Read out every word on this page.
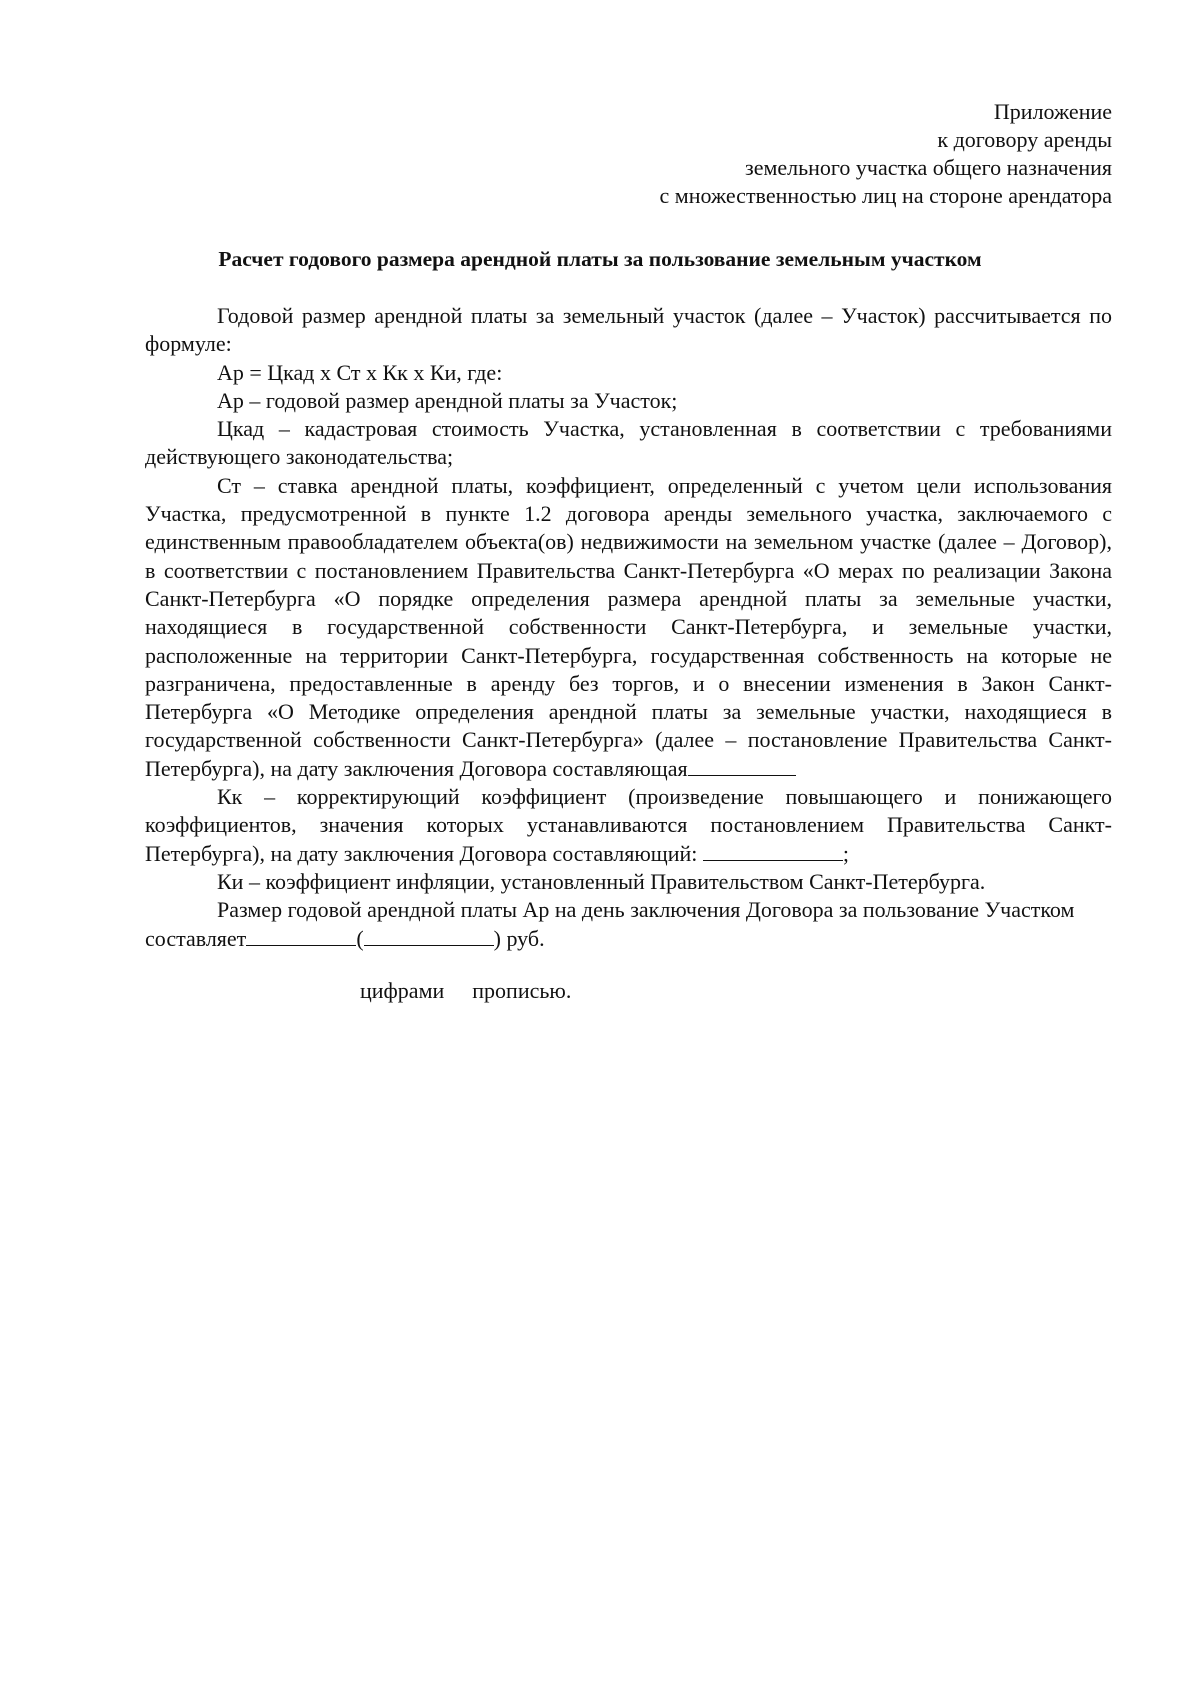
Приложение
к договору аренды
земельного участка общего назначения
с множественностью лиц на стороне арендатора
Расчет годового размера арендной платы за пользование земельным участком

Годовой размер арендной платы за земельный участок (далее – Участок) рассчитывается по формуле:

Ар = Цкад х Ст х Кк х Ки, где:

Ар – годовой размер арендной платы за Участок;

Цкад – кадастровая стоимость Участка, установленная в соответствии с требованиями действующего законодательства;

Ст – ставка арендной платы, коэффициент, определенный с учетом цели использования Участка, предусмотренной в пункте 1.2 договора аренды земельного участка, заключаемого с единственным правообладателем объекта(ов) недвижимости на земельном участке (далее – Договор), в соответствии с постановлением Правительства Санкт-Петербурга «О мерах по реализации Закона Санкт-Петербурга «О порядке определения размера арендной платы за земельные участки, находящиеся в государственной собственности Санкт-Петербурга, и земельные участки, расположенные на территории Санкт-Петербурга, государственная собственность на которые не разграничена, предоставленные в аренду без торгов, и о внесении изменения в Закон Санкт-Петербурга «О Методике определения арендной платы за земельные участки, находящиеся в государственной собственности Санкт-Петербурга» (далее – постановление Правительства Санкт-Петербурга), на дату заключения Договора составляющая

Кк – корректирующий коэффициент (произведение повышающего и понижающего коэффициентов, значения которых устанавливаются постановлением Правительства Санкт-Петербурга), на дату заключения Договора составляющий:	;

Ки – коэффициент инфляции, установленный Правительством Санкт-Петербурга.

Размер годовой арендной платы Ар на день заключения Договора за пользование Участком составляет	(	) руб.

цифрами прописью.
